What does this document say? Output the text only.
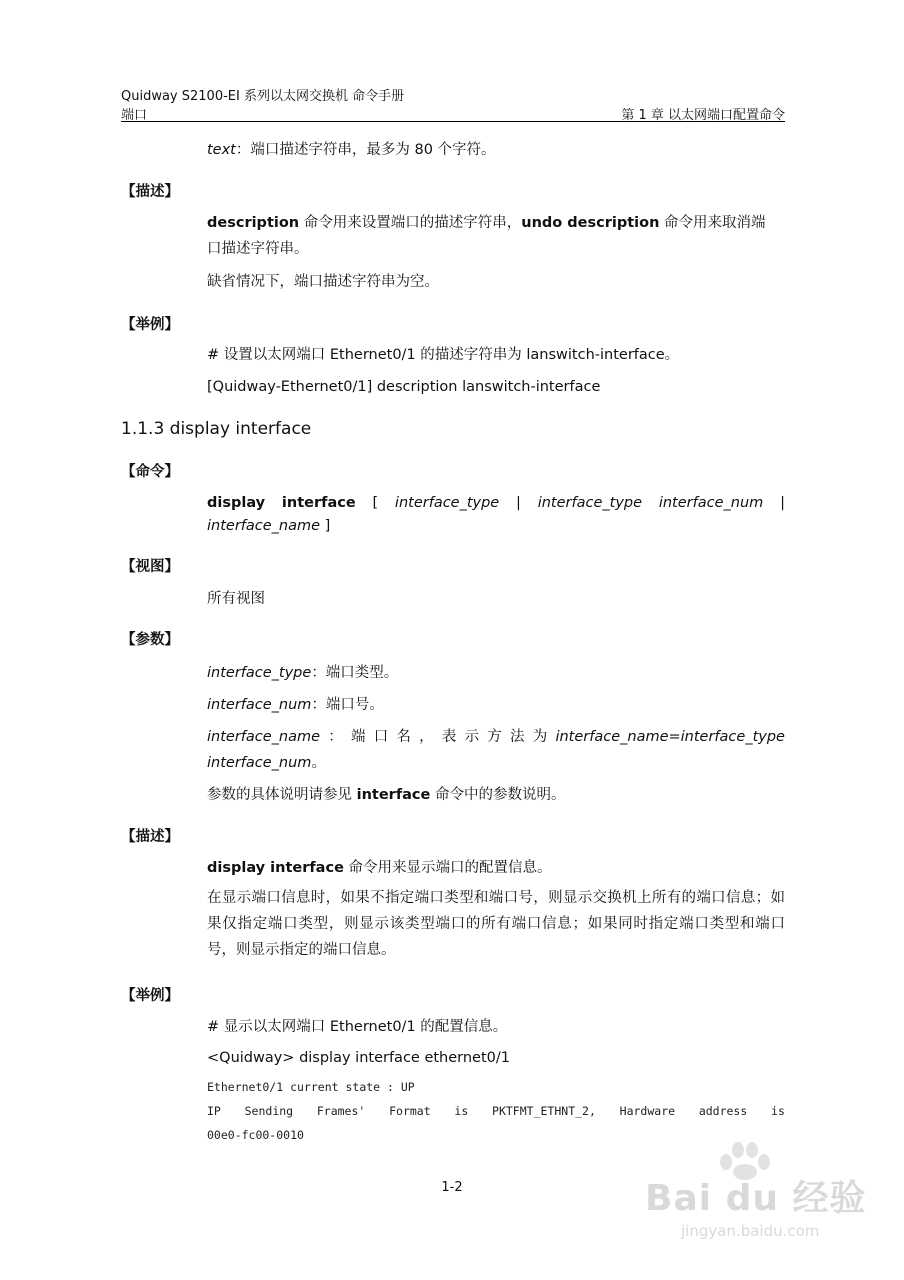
Quidway S2100-EI 系列以太网交换机 命令手册
端口	第 1 章 以太网端口配置命令
text：端口描述字符串，最多为 80 个字符。
【描述】
description 命令用来设置端口的描述字符串，undo description 命令用来取消端
口描述字符串。
缺省情况下，端口描述字符串为空。
【举例】
# 设置以太网端口 Ethernet0/1 的描述字符串为 lanswitch-interface。
[Quidway-Ethernet0/1] description lanswitch-interface
1.1.3 display interface
【命令】
display interface [ interface_type | interface_type interface_num |
interface_name ]
【视图】
所有视图
【参数】
interface_type：端口类型。
interface_num：端口号。
interface_name ： 端 口 名 ， 表 示 方 法 为 interface_name=interface_type
interface_num。
参数的具体说明请参见 interface 命令中的参数说明。
【描述】
display interface 命令用来显示端口的配置信息。
在显示端口信息时，如果不指定端口类型和端口号，则显示交换机上所有的端口信息；如果仅指定端口类型，则显示该类型端口的所有端口信息；如果同时指定端口类型和端口号，则显示指定的端口信息。
【举例】
# 显示以太网端口 Ethernet0/1 的配置信息。
<Quidway> display interface ethernet0/1
Ethernet0/1 current state : UP
IP Sending Frames' Format is PKTFMT_ETHNT_2, Hardware address is
00e0-fc00-0010
1-2	Bai du 经验
jingyan.baidu.com
